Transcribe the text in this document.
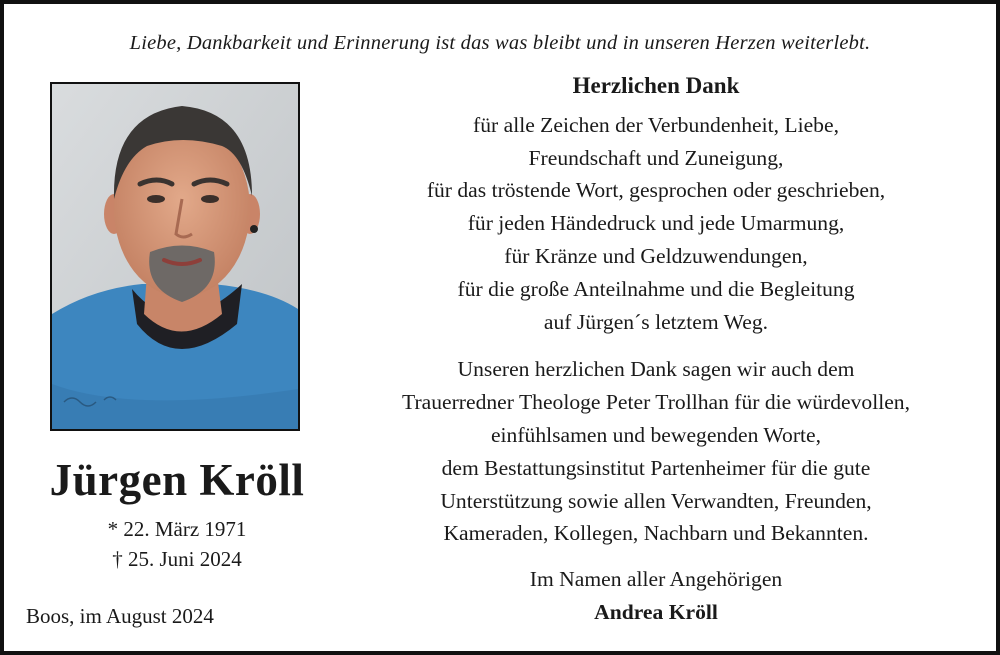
Liebe, Dankbarkeit und Erinnerung ist das was bleibt und in unseren Herzen weiterlebt.
Jürgen Kröll
* 22. März 1971
† 25. Juni 2024
Boos, im August 2024
Herzlichen Dank
für alle Zeichen der Verbundenheit, Liebe,
Freundschaft und Zuneigung,
für das tröstende Wort, gesprochen oder geschrieben,
für jeden Händedruck und jede Umarmung,
für Kränze und Geldzuwendungen,
für die große Anteilnahme und die Begleitung
auf Jürgen´s letztem Weg.
Unseren herzlichen Dank sagen wir auch dem
Trauerredner Theologe Peter Trollhan für die würdevollen,
einfühlsamen und bewegenden Worte,
dem Bestattungsinstitut Partenheimer für die gute
Unterstützung sowie allen Verwandten, Freunden,
Kameraden, Kollegen, Nachbarn und Bekannten.
Im Namen aller Angehörigen
Andrea Kröll
